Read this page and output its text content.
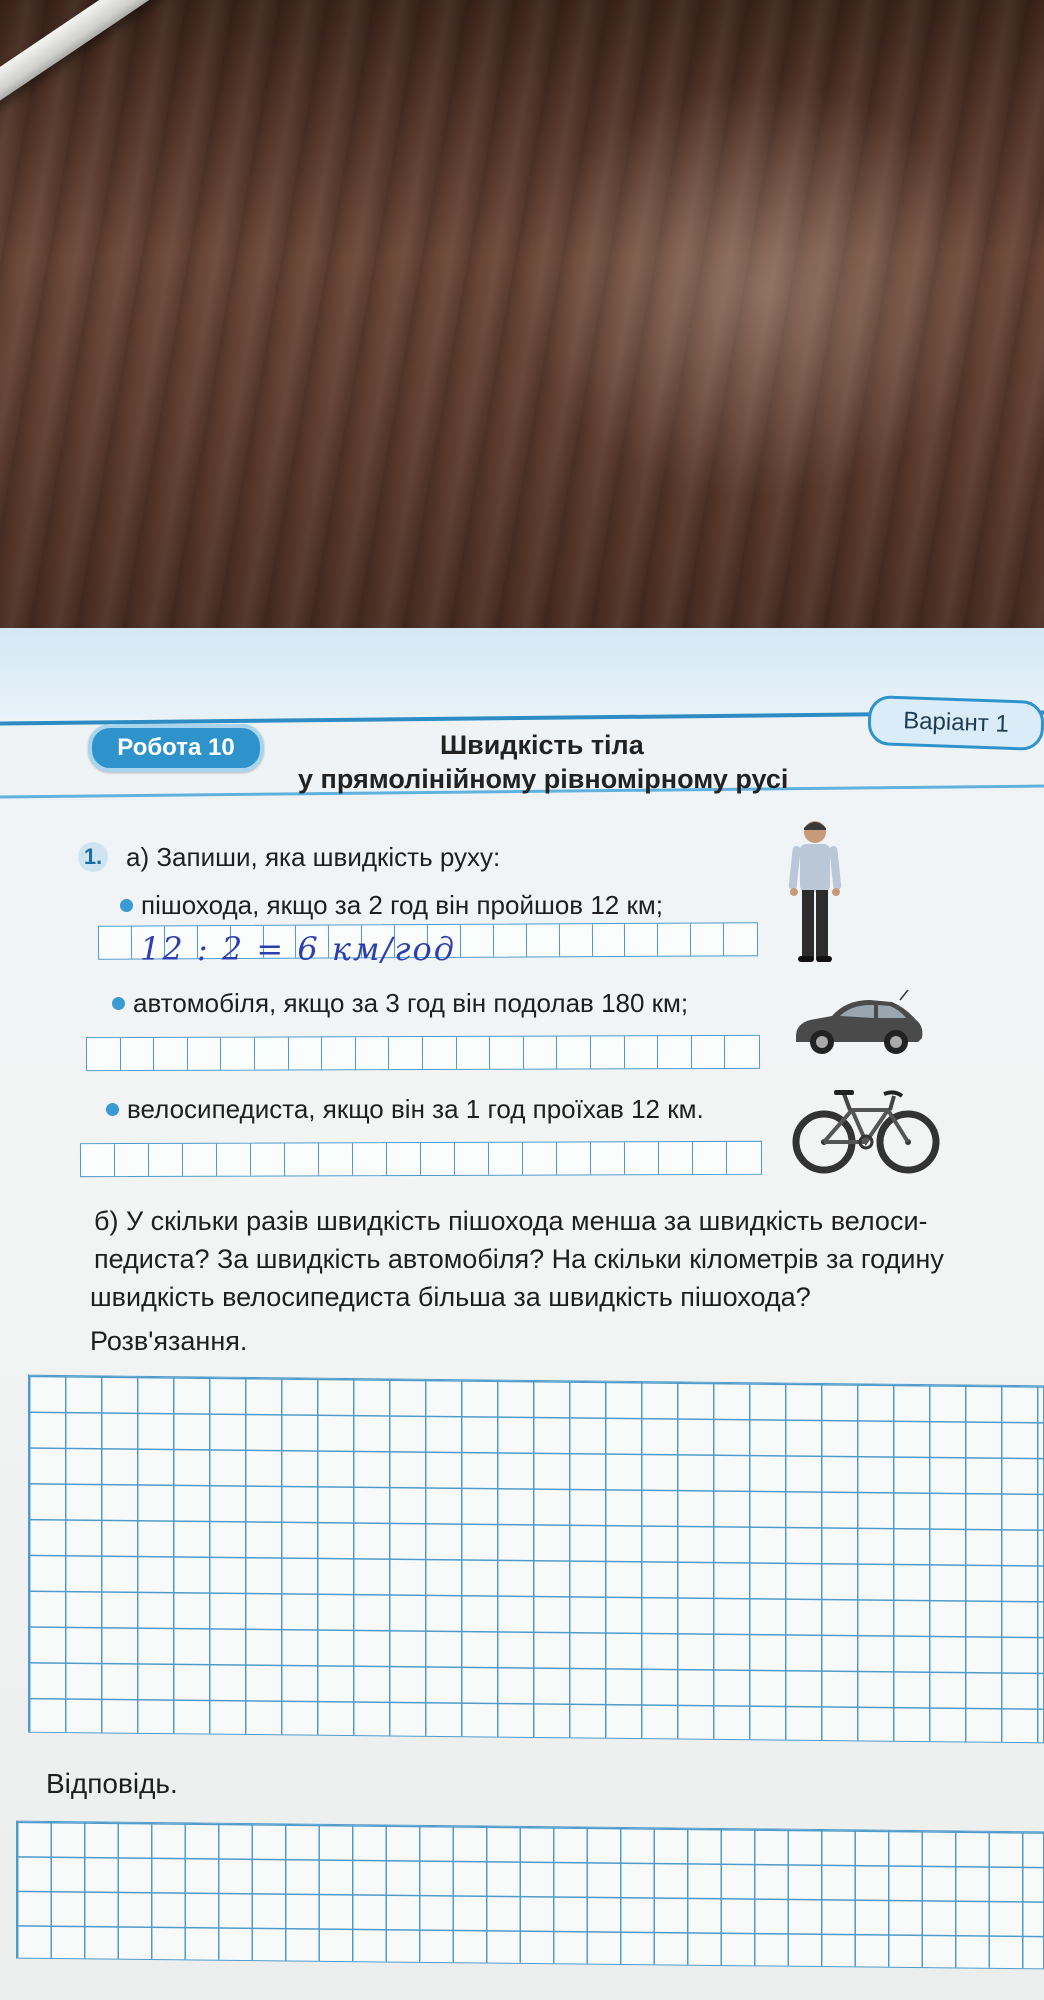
Робота 10
Варіант 1
Швидкість тіла
у прямолінійному рівномірному русі
1. а) Запиши, яка швидкість руху:
пішохода, якщо за 2 год він пройшов 12 км;
12 : 2 = 6 км/год
автомобіля, якщо за 3 год він подолав 180 км;
велосипедиста, якщо він за 1 год проїхав 12 км.
б) У скільки разів швидкість пішохода менша за швидкість велоси-
педиста? За швидкість автомобіля? На скільки кілометрів за годину
швидкість велосипедиста більша за швидкість пішохода?
Розв'язання.
Відповідь.
